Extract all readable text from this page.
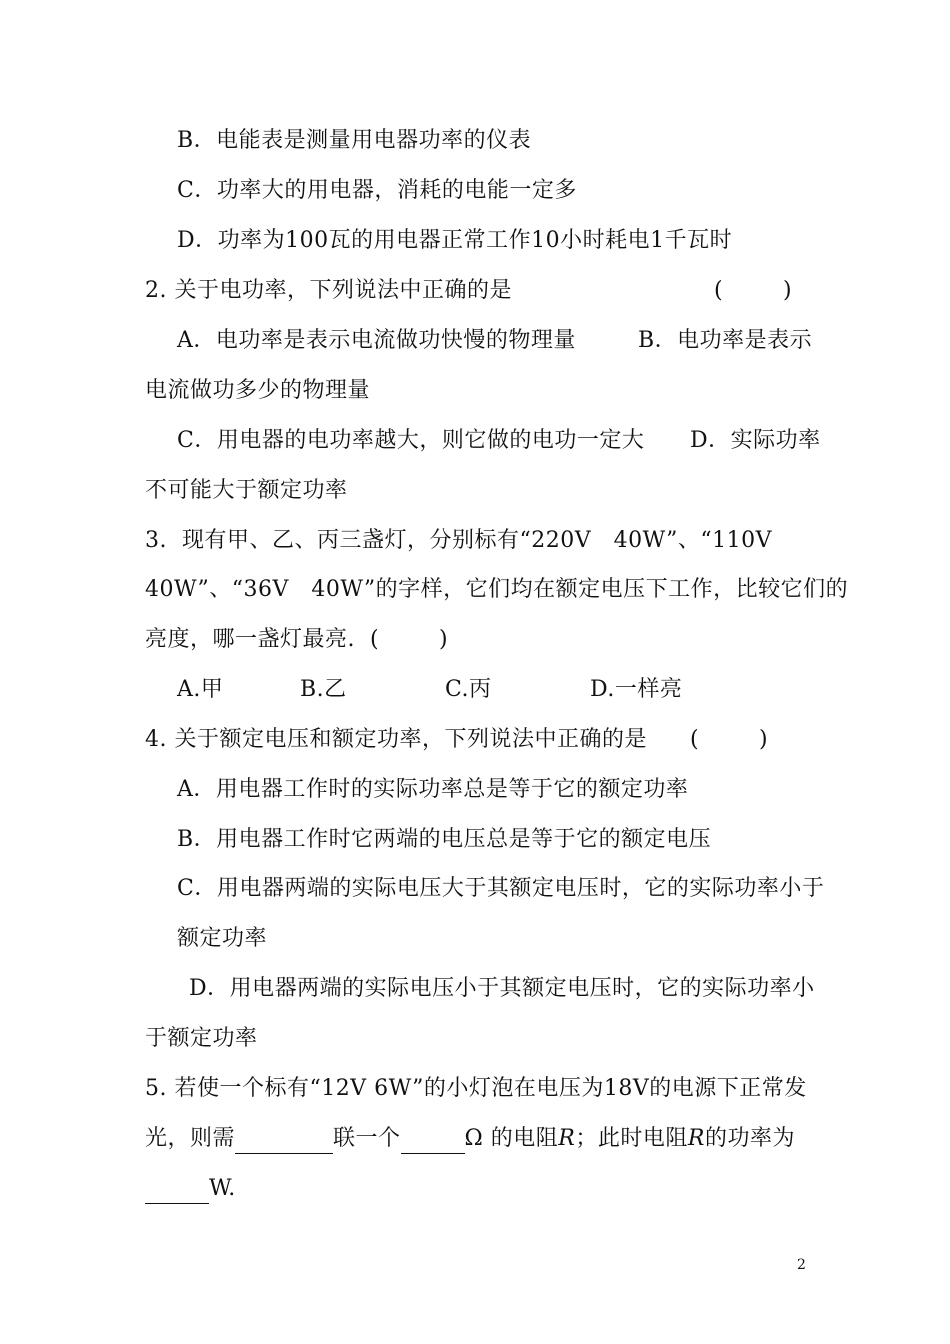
B．电能表是测量用电器功率的仪表
C．功率大的用电器，消耗的电能一定多
D．功率为100瓦的用电器正常工作10小时耗电1千瓦时
2. 关于电功率，下列说法中正确的是	(        )
A．电功率是表示电流做功快慢的物理量	B．电功率是表示
电流做功多少的物理量
C．用电器的电功率越大，则它做的电功一定大 D．实际功率
不可能大于额定功率
3.  现有甲、乙、丙三盏灯，分别标有“220V   40W”、“110V
40W”、“36V   40W”的字样，它们均在额定电压下工作，比较它们的
亮度，哪一盏灯最亮.  (        )
A.甲	B.乙	C.丙	D.一样亮
4. 关于额定电压和额定功率，下列说法中正确的是 (        )
A．用电器工作时的实际功率总是等于它的额定功率
B．用电器工作时它两端的电压总是等于它的额定电压
C．用电器两端的实际电压大于其额定电压时，它的实际功率小于
额定功率
D．用电器两端的实际电压小于其额定电压时，它的实际功率小
于额定功率
5. 若使一个标有“12V 6W”的小灯泡在电压为18V的电源下正常发
光，则需	联一个	Ω 的电阻R；此时电阻R的功率为
W.
2
